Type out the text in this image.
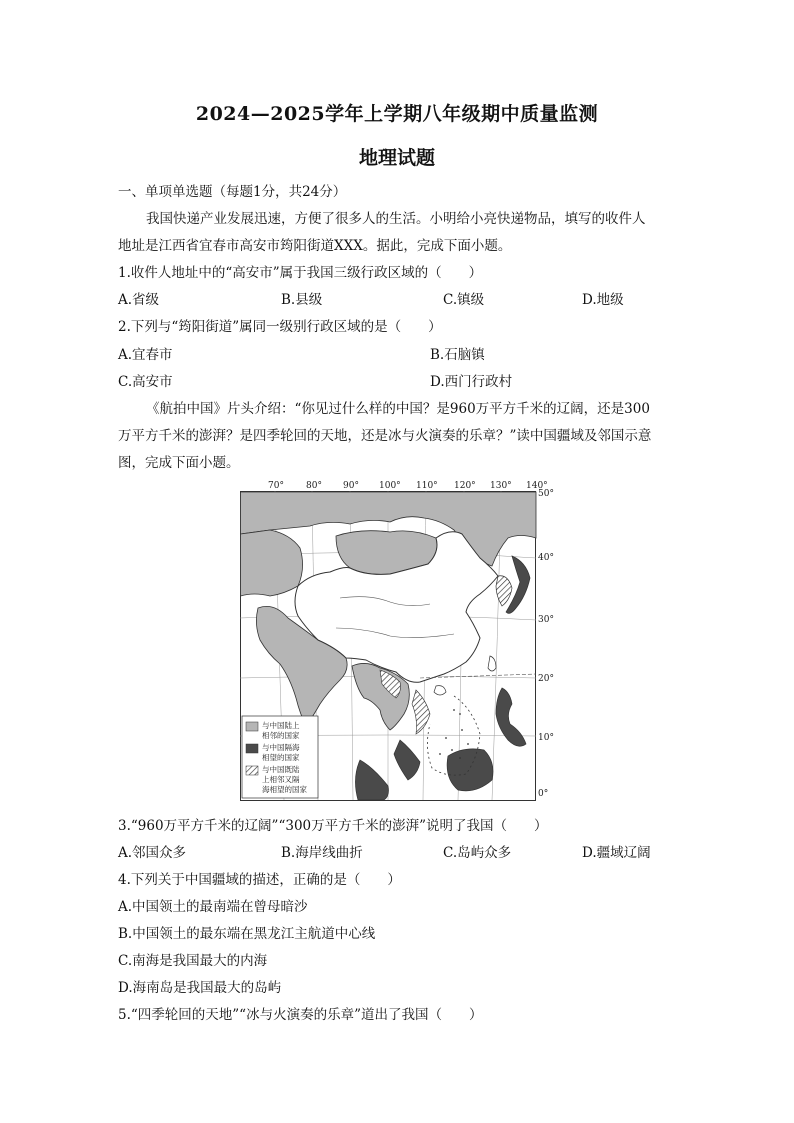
2024—2025学年上学期八年级期中质量监测
地理试题
一、单项单选题（每题1分，共24分）
我国快递产业发展迅速，方便了很多人的生活。小明给小亮快递物品，填写的收件人
地址是江西省宜春市高安市筠阳街道XXX。据此，完成下面小题。
1.收件人地址中的“高安市”属于我国三级行政区域的（　　）
A.省级	B.县级	C.镇级	D.地级
2.下列与“筠阳街道”属同一级别行政区域的是（　　）
A.宜春市	B.石脑镇
C.高安市	D.西门行政村
《航拍中国》片头介绍：“你见过什么样的中国？是960万平方千米的辽阔，还是300
万平方千米的澎湃？是四季轮回的天地，还是冰与火演奏的乐章？”读中国疆域及邻国示意
图，完成下面小题。
70° 80° 90° 100° 110° 120° 130° 140°
50°
40°
30°
20°
10°
0°
与中国陆上
相邻的国家
与中国隔海
相望的国家
与中国既陆
上相邻又隔
海相望的国家
3.“960万平方千米的辽阔”“300万平方千米的澎湃”说明了我国（　　）
A.邻国众多	B.海岸线曲折	C.岛屿众多	D.疆域辽阔
4.下列关于中国疆域的描述，正确的是（　　）
A.中国领土的最南端在曾母暗沙
B.中国领土的最东端在黑龙江主航道中心线
C.南海是我国最大的内海
D.海南岛是我国最大的岛屿
5.“四季轮回的天地”“冰与火演奏的乐章”道出了我国（　　）
